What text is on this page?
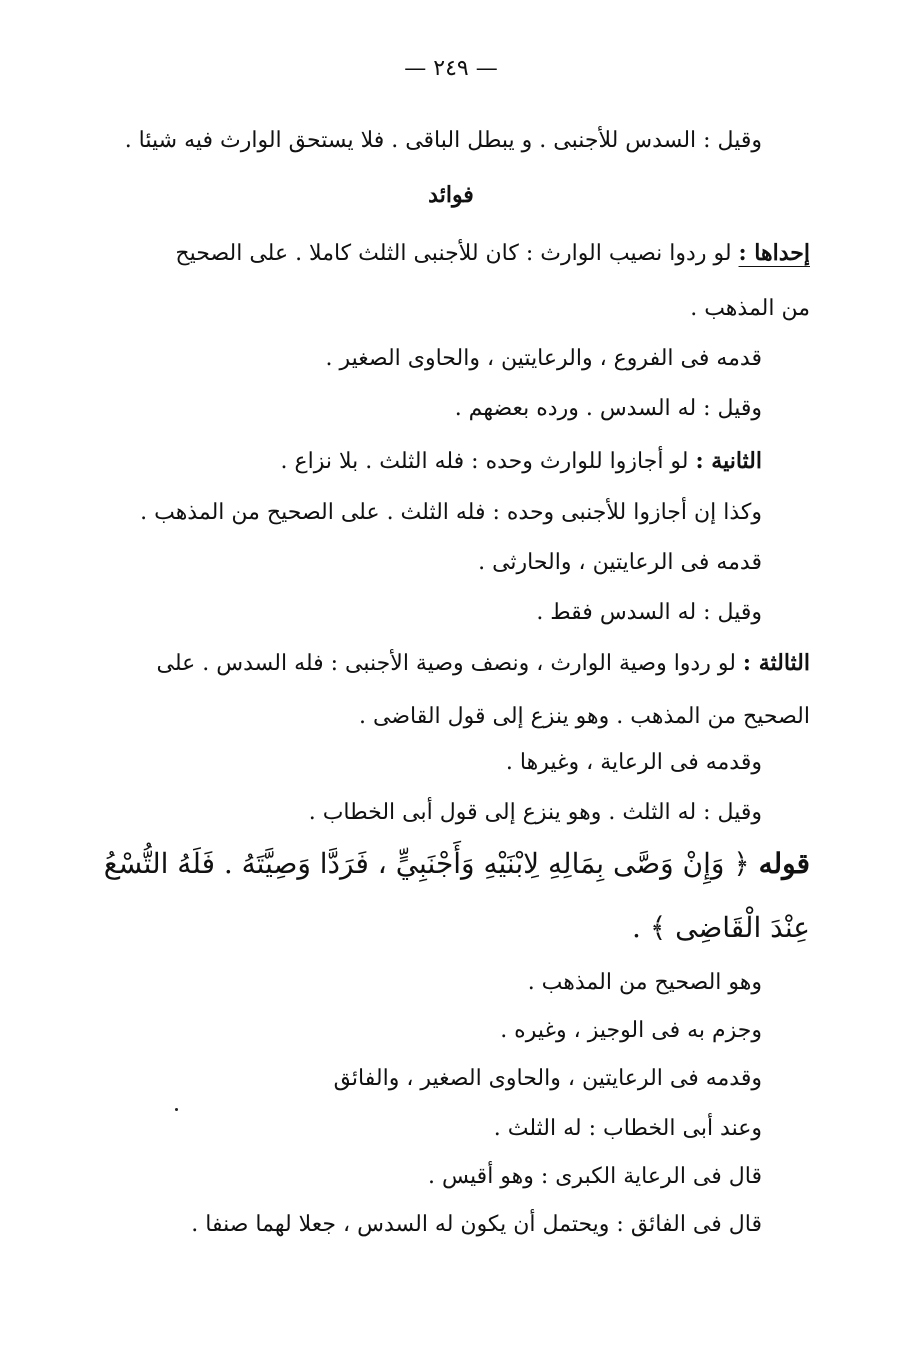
— ٢٤٩ —
وقيل : السدس للأجنبى . و يبطل الباقى . فلا يستحق الوارث فيه شيئا .
فوائد
إحداها : لو ردوا نصيب الوارث : كان للأجنبى الثلث كاملا . على الصحيح
من المذهب .
قدمه فى الفروع ، والرعايتين ، والحاوى الصغير .
وقيل : له السدس . ورده بعضهم .
الثانية : لو أجازوا للوارث وحده : فله الثلث . بلا نزاع .
وكذا إن أجازوا للأجنبى وحده : فله الثلث . على الصحيح من المذهب .
قدمه فى الرعايتين ، والحارثى .
وقيل : له السدس فقط .
الثالثة : لو ردوا وصية الوارث ، ونصف وصية الأجنبى : فله السدس . على
الصحيح من المذهب . وهو ينزع إلى قول القاضى .
وقدمه فى الرعاية ، وغيرها .
وقيل : له الثلث . وهو ينزع إلى قول أبى الخطاب .
قوله ﴿ وَإِنْ وَصَّى بِمَالِهِ لِابْنَيْهِ وَأَجْنَبِيٍّ ، فَرَدَّا وَصِيَّتَهُ . فَلَهُ التُّسْعُ
عِنْدَ الْقَاضِى ﴾ .
وهو الصحيح من المذهب .
وجزم به فى الوجيز ، وغيره .
وقدمه فى الرعايتين ، والحاوى الصغير ، والفائق
وعند أبى الخطاب : له الثلث .
قال فى الرعاية الكبرى : وهو أقيس .
قال فى الفائق : ويحتمل أن يكون له السدس ، جعلا لهما صنفا .
